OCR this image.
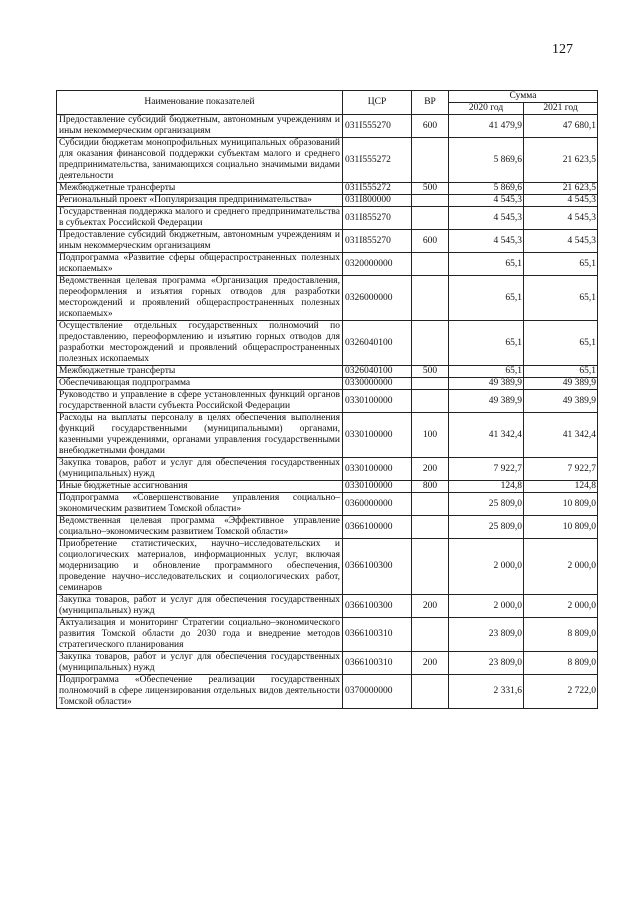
127
Наименование показателей	ЦСР	ВР	Сумма	
			2020 год	2021 год
Предоставление субсидий бюджетным, автономным учреждениям и иным некоммерческим организациям	031I555270	600	41 479,9	47 680,1
Субсидии бюджетам монопрофильных муниципальных образований для оказания финансовой поддержки субъектам малого и среднего предпринимательства, занимающихся социально значимыми видами деятельности	031I555272		5 869,6	21 623,5
Межбюджетные трансферты	031I555272	500	5 869,6	21 623,5
Региональный проект «Популяризация предпринимательства»	031I800000		4 545,3	4 545,3
Государственная поддержка малого и среднего предпринимательства в субъектах Российской Федерации	031I855270		4 545,3	4 545,3
Предоставление субсидий бюджетным, автономным учреждениям и иным некоммерческим организациям	031I855270	600	4 545,3	4 545,3
Подпрограмма «Развитие сферы общераспространенных полезных ископаемых»	0320000000		65,1	65,1
Ведомственная целевая программа «Организация предоставления, переоформления и изъятия горных отводов для разработки месторождений и проявлений общераспространенных полезных ископаемых»	0326000000		65,1	65,1
Осуществление отдельных государственных полномочий по предоставлению, переоформлению и изъятию горных отводов для разработки месторождений и проявлений общераспространенных полезных ископаемых	0326040100		65,1	65,1
Межбюджетные трансферты	0326040100	500	65,1	65,1
Обеспечивающая подпрограмма	0330000000		49 389,9	49 389,9
Руководство и управление в сфере установленных функций органов государственной власти субъекта Российской Федерации	0330100000		49 389,9	49 389,9
Расходы на выплаты персоналу в целях обеспечения выполнения функций государственными (муниципальными) органами, казенными учреждениями, органами управления государственными внебюджетными фондами	0330100000	100	41 342,4	41 342,4
Закупка товаров, работ и услуг для обеспечения государственных (муниципальных) нужд	0330100000	200	7 922,7	7 922,7
Иные бюджетные ассигнования	0330100000	800	124,8	124,8
Подпрограмма «Совершенствование управления социально–экономическим развитием Томской области»	0360000000		25 809,0	10 809,0
Ведомственная целевая программа «Эффективное управление социально–экономическим развитием Томской области»	0366100000		25 809,0	10 809,0
Приобретение статистических, научно–исследовательских и социологических материалов, информационных услуг, включая модернизацию и обновление программного обеспечения, проведение научно–исследовательских и социологических работ, семинаров	0366100300		2 000,0	2 000,0
Закупка товаров, работ и услуг для обеспечения государственных (муниципальных) нужд	0366100300	200	2 000,0	2 000,0
Актуализация и мониторинг Стратегии социально–экономического развития Томской области до 2030 года и внедрение методов стратегического планирования	0366100310		23 809,0	8 809,0
Закупка товаров, работ и услуг для обеспечения государственных (муниципальных) нужд	0366100310	200	23 809,0	8 809,0
Подпрограмма «Обеспечение реализации государственных полномочий в сфере лицензирования отдельных видов деятельности Томской области»	0370000000		2 331,6	2 722,0
